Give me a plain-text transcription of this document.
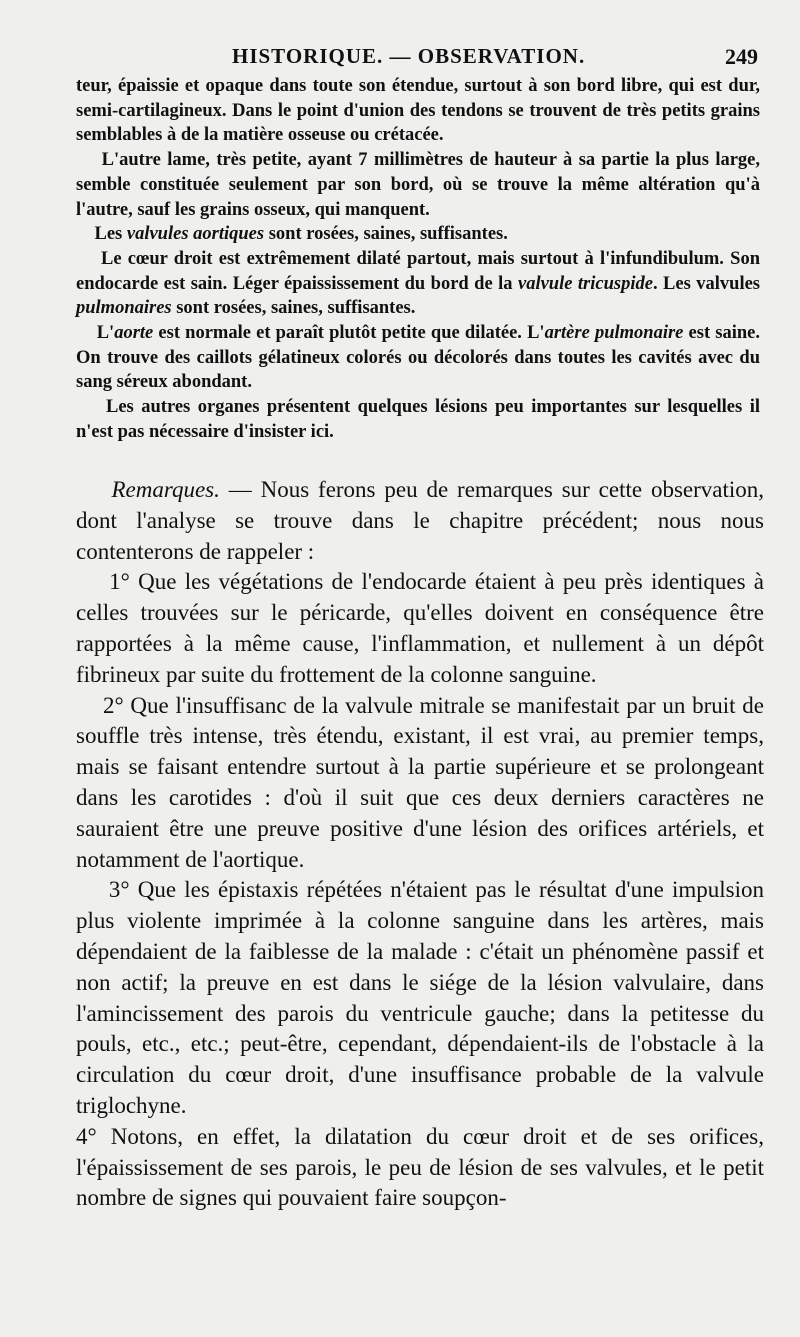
HISTORIQUE. — OBSERVATION.	249

teur, épaissie et opaque dans toute son étendue, surtout à son bord libre, qui est dur, semi-cartilagineux. Dans le point d'union des tendons se trouvent de très petits grains semblables à de la matière osseuse ou crétacée.

L'autre lame, très petite, ayant 7 millimètres de hauteur à sa partie la plus large, semble constituée seulement par son bord, où se trouve la même altération qu'à l'autre, sauf les grains osseux, qui manquent.

Les valvules aortiques sont rosées, saines, suffisantes.

Le cœur droit est extrêmement dilaté partout, mais surtout à l'infundibulum. Son endocarde est sain. Léger épaississement du bord de la valvule tricuspide. Les valvules pulmonaires sont rosées, saines, suffisantes.

L'aorte est normale et paraît plutôt petite que dilatée. L'artère pulmonaire est saine. On trouve des caillots gélatineux colorés ou décolorés dans toutes les cavités avec du sang séreux abondant.

Les autres organes présentent quelques lésions peu importantes sur lesquelles il n'est pas nécessaire d'insister ici.

Remarques. — Nous ferons peu de remarques sur cette observation, dont l'analyse se trouve dans le chapitre précédent; nous nous contenterons de rappeler :

1° Que les végétations de l'endocarde étaient à peu près identiques à celles trouvées sur le péricarde, qu'elles doivent en conséquence être rapportées à la même cause, l'inflammation, et nullement à un dépôt fibrineux par suite du frottement de la colonne sanguine.

2° Que l'insuffisanc de la valvule mitrale se manifestait par un bruit de souffle très intense, très étendu, existant, il est vrai, au premier temps, mais se faisant entendre surtout à la partie supérieure et se prolongeant dans les carotides : d'où il suit que ces deux derniers caractères ne sauraient être une preuve positive d'une lésion des orifices artériels, et notamment de l'aortique.

3° Que les épistaxis répétées n'étaient pas le résultat d'une impulsion plus violente imprimée à la colonne sanguine dans les artères, mais dépendaient de la faiblesse de la malade : c'était un phénomène passif et non actif; la preuve en est dans le siége de la lésion valvulaire, dans l'amincissement des parois du ventricule gauche; dans la petitesse du pouls, etc., etc.; peut-être, cependant, dépendaient-ils de l'obstacle à la circulation du cœur droit, d'une insuffisance probable de la valvule triglochyne.

4° Notons, en effet, la dilatation du cœur droit et de ses orifices, l'épaississement de ses parois, le peu de lésion de ses valvules, et le petit nombre de signes qui pouvaient faire soupçon-
